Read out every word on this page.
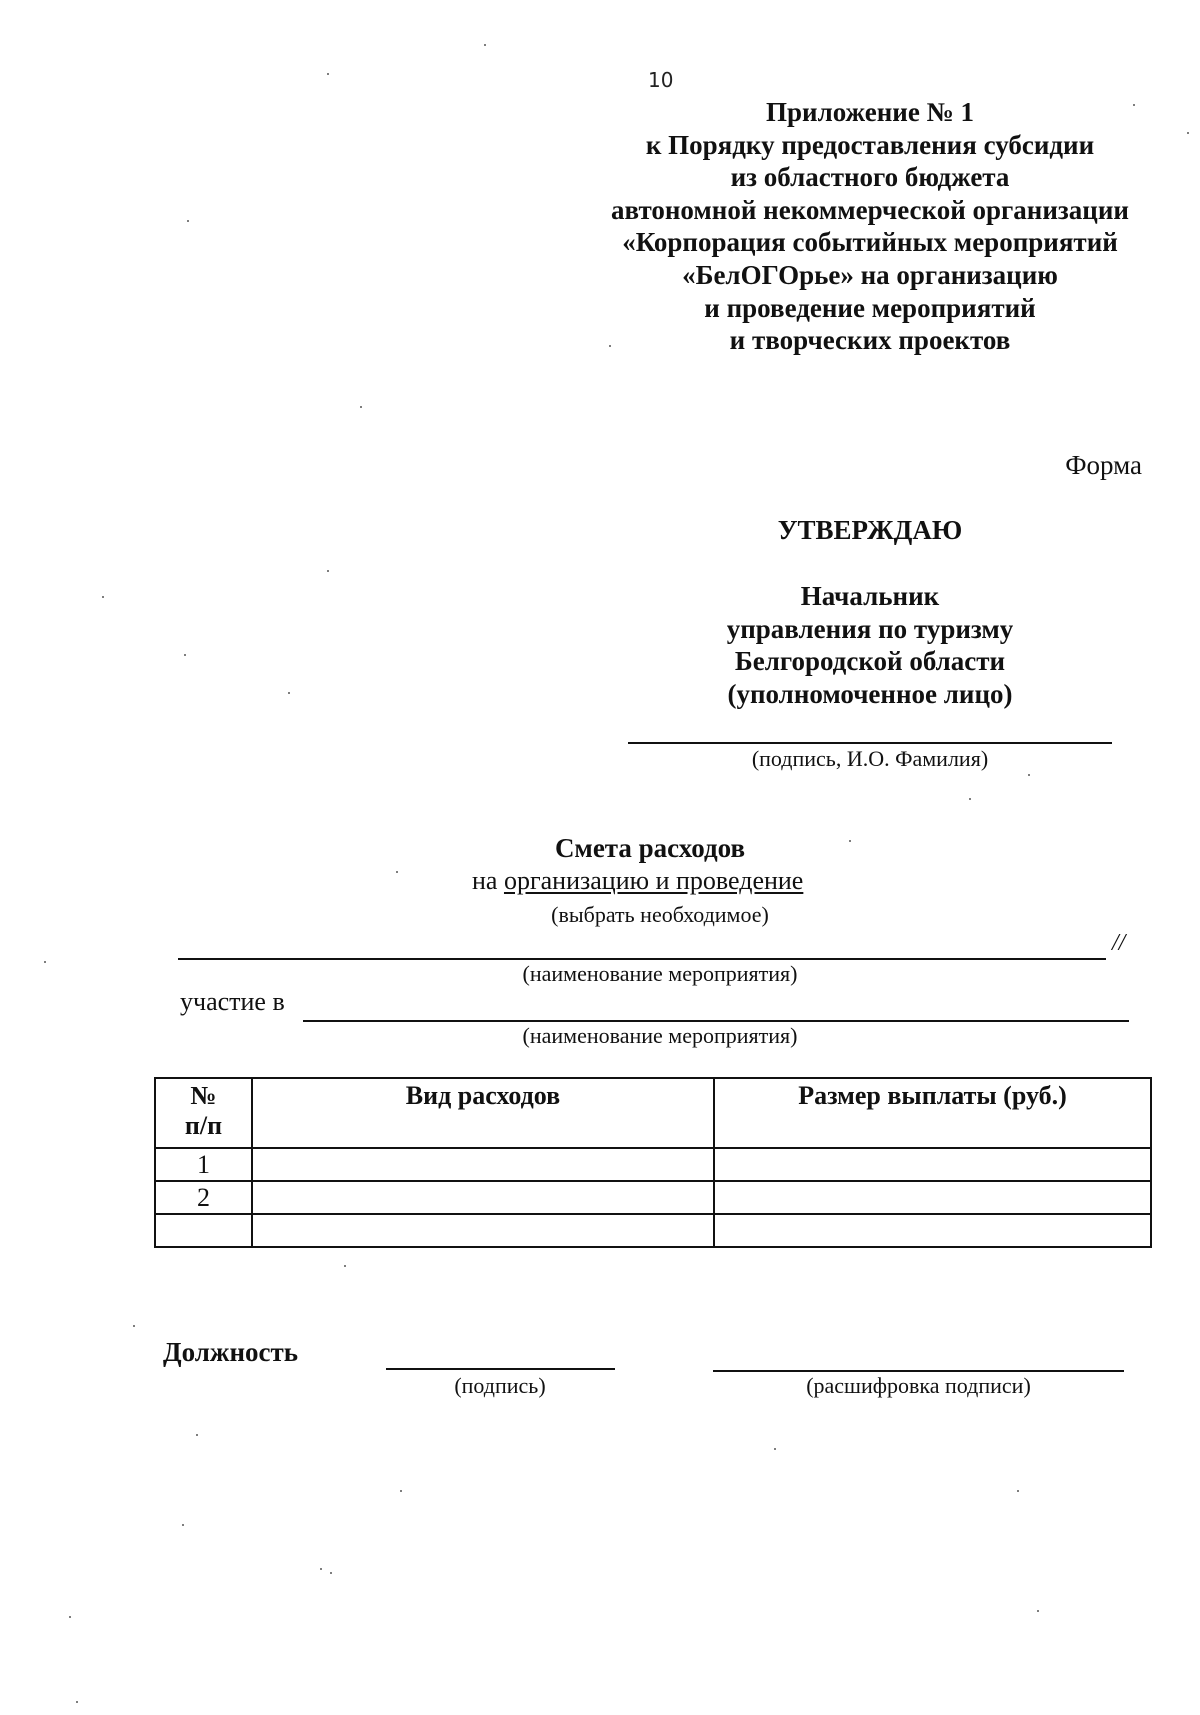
10
Приложение № 1
к Порядку предоставления субсидии
из областного бюджета
автономной некоммерческой организации
«Корпорация событийных мероприятий
«БелОГОрье» на организацию
и проведение мероприятий
и творческих проектов
Форма
УТВЕРЖДАЮ
Начальник
управления по туризму
Белгородской области
(уполномоченное лицо)
(подпись, И.О. Фамилия)
Смета расходов
на организацию и проведение
(выбрать необходимое)
//
(наименование мероприятия)
участие в
(наименование мероприятия)
№
п/п	Вид расходов	Размер выплаты (руб.)
1		
2		

Должность
(подпись)	(расшифровка подписи)
